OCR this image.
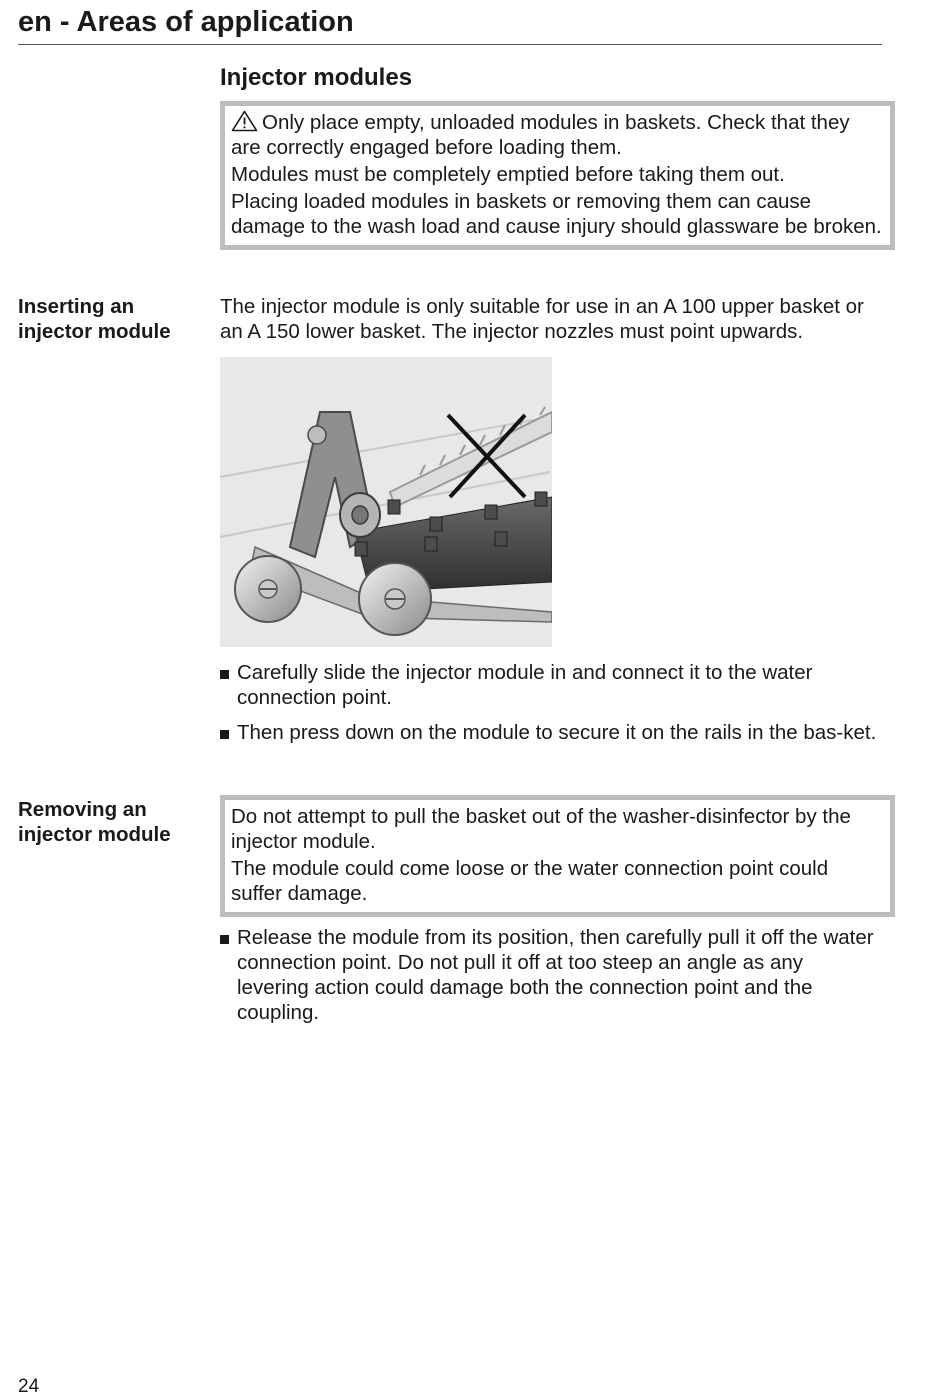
en - Areas of application
Injector modules

Only place empty, unloaded modules in baskets. Check that they are correctly engaged before loading them.

Modules must be completely emptied before taking them out.

Placing loaded modules in baskets or removing them can cause damage to the wash load and cause injury should glassware be broken.

Inserting an injector module

The injector module is only suitable for use in an A 100 upper basket or an A 150 lower basket. The injector nozzles must point upwards.

Carefully slide the injector module in and connect it to the water connection point.
Then press down on the module to secure it on the rails in the bas-ket.
Removing an injector module

Do not attempt to pull the basket out of the washer-disinfector by the injector module.

The module could come loose or the water connection point could suffer damage.

Release the module from its position, then carefully pull it off the water connection point. Do not pull it off at too steep an angle as any levering action could damage both the connection point and the coupling.
24
